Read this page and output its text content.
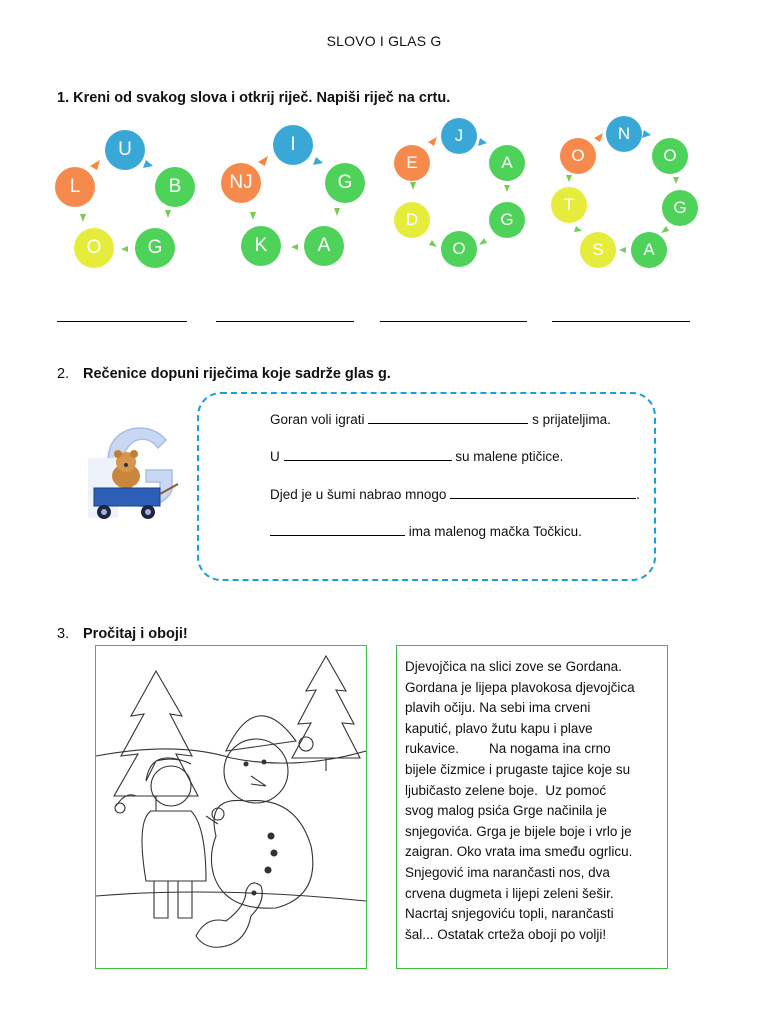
SLOVO I GLAS G
1. Kreni od svakog slova i otkrij riječ. Napiši riječ na crtu.
U
B
G
O
L
I
G
A
K
NJ
J
A
G
O
D
E
N
O
G
A
S
T
O
2. Rečenice dopuni riječima koje sadrže glas g.
Goran voli igrati	s prijateljima.
U	su malene ptičice.
Djed je u šumi nabrao mnogo	.
ima malenog mačka Točkicu.
3. Pročitaj i oboji!

Djevojčica na slici zove se Gordana.

Gordana je lijepa plavokosa djevojčica

plavih očiju. Na sebi ima crveni

kaputić, plavo žutu kapu i plave

rukavice.        Na nogama ina crno

bijele čizmice i prugaste tajice koje su

ljubičasto zelene boje.  Uz pomoć

svog malog psića Grge načinila je

snjegovića. Grga je bijele boje i vrlo je

zaigran. Oko vrata ima smeđu ogrlicu.

Snjegović ima narančasti nos, dva

crvena dugmeta i lijepi zeleni šešir.

Nacrtaj snjegoviću topli, narančasti

šal... Ostatak crteža oboji po volji!
